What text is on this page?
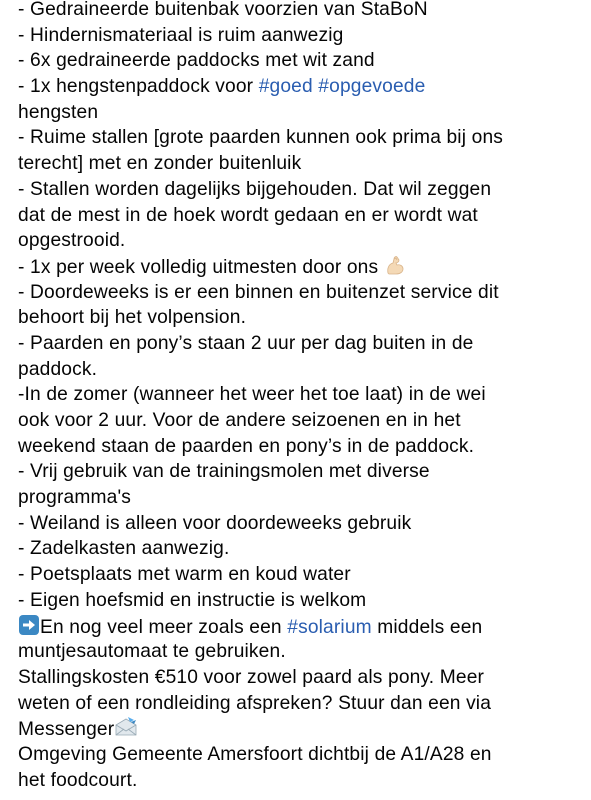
- Gedraineerde buitenbak voorzien van StaBoN
- Hindernismateriaal is ruim aanwezig
- 6x gedraineerde paddocks met wit zand
- 1x hengstenpaddock voor #goed #opgevoede
hengsten
- Ruime stallen [grote paarden kunnen ook prima bij ons
terecht] met en zonder buitenluik
- Stallen worden dagelijks bijgehouden. Dat wil zeggen
dat de mest in de hoek wordt gedaan en er wordt wat
opgestrooid.
- 1x per week volledig uitmesten door ons
- Doordeweeks is er een binnen en buitenzet service dit
behoort bij het volpension.
- Paarden en pony’s staan 2 uur per dag buiten in de
paddock.
-In de zomer (wanneer het weer het toe laat) in de wei
ook voor 2 uur. Voor de andere seizoenen en in het
weekend staan de paarden en pony’s in de paddock.
- Vrij gebruik van de trainingsmolen met diverse
programma's
- Weiland is alleen voor doordeweeks gebruik
- Zadelkasten aanwezig.
- Poetsplaats met warm en koud water
- Eigen hoefsmid en instructie is welkom
En nog veel meer zoals een #solarium middels een
muntjesautomaat te gebruiken.
Stallingskosten €510 voor zowel paard als pony. Meer
weten of een rondleiding afspreken? Stuur dan een via
Messenger
Omgeving Gemeente Amersfoort dichtbij de A1/A28 en
het foodcourt.
